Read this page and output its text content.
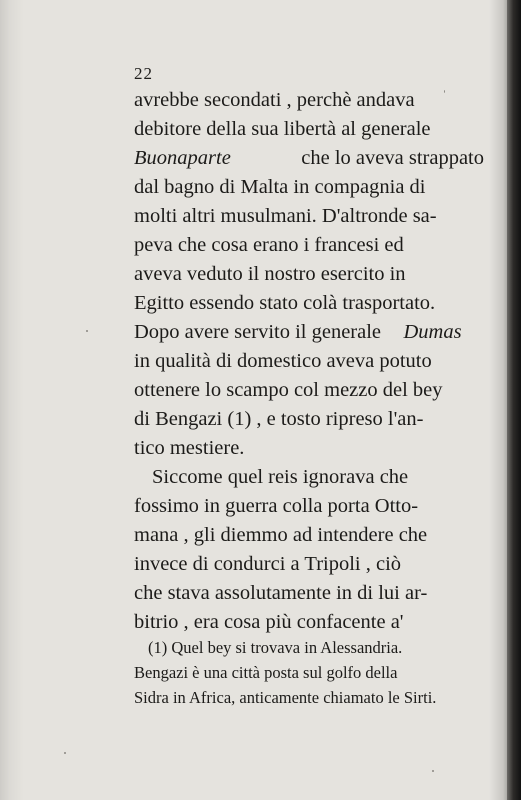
22
avrebbe secondati , perchè andava
debitore della sua libertà al generale
Buonaparte	che lo aveva strappato
dal bagno di Malta in compagnia di
molti altri musulmani. D'altronde sa-
peva che cosa erano i francesi ed
aveva veduto il nostro esercito in
Egitto essendo stato colà trasportato.
Dopo avere servito il generale Dumas
in qualità di domestico aveva potuto
ottenere lo scampo col mezzo del bey
di Bengazi (1) , e tosto ripreso l'an-
tico mestiere.
Siccome quel reis ignorava che
fossimo in guerra colla porta Otto-
mana , gli diemmo ad intendere che
invece di condurci a Tripoli , ciò
che stava assolutamente in di lui ar-
bitrio , era cosa più confacente a'
(1) Quel bey si trovava in Alessandria.
Bengazi è una città posta sul golfo della
Sidra in Africa, anticamente chiamato le Sirti.
